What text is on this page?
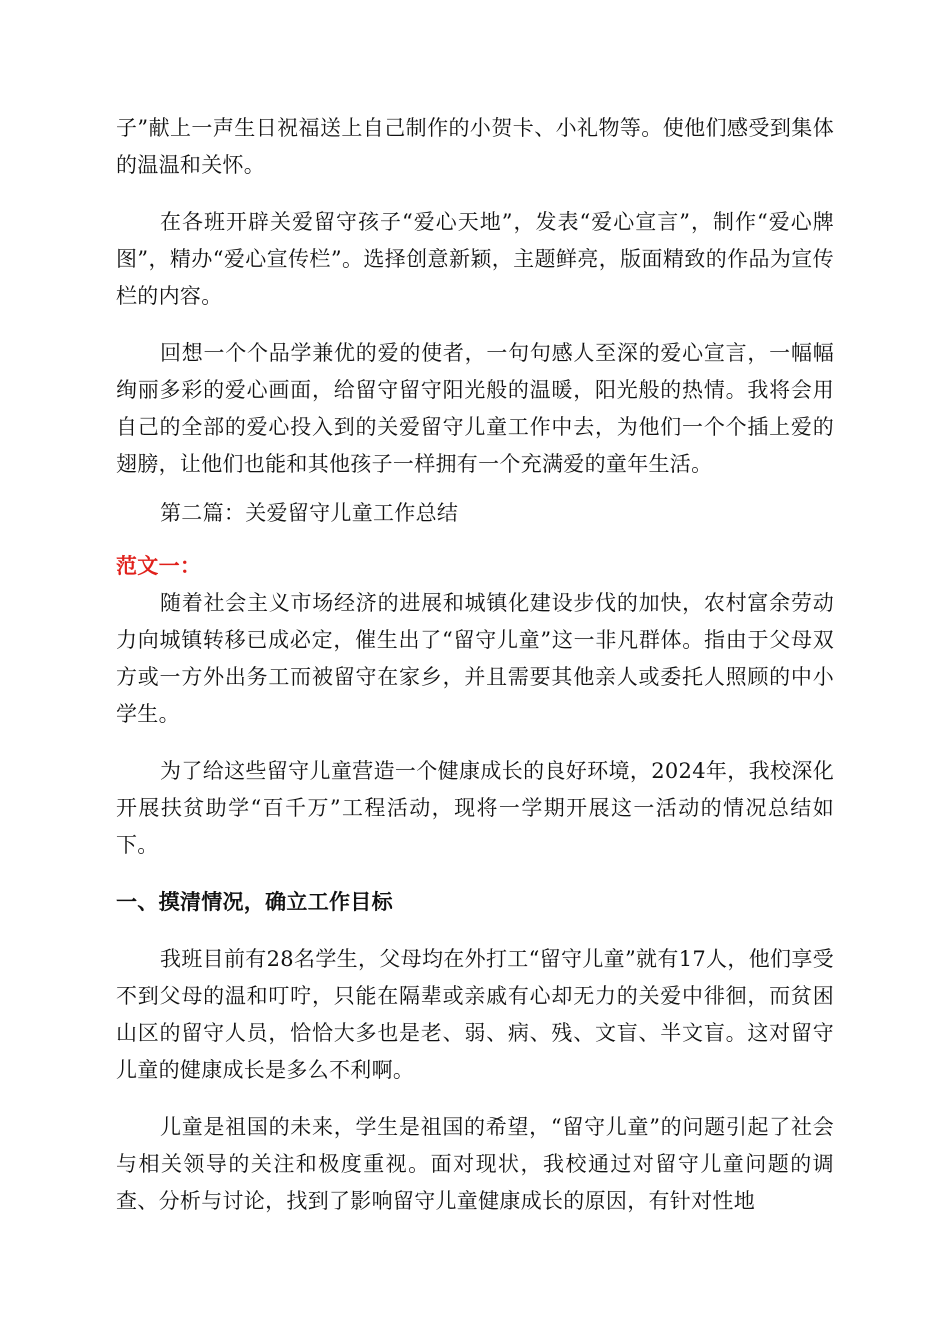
子”献上一声生日祝福送上自己制作的小贺卡、小礼物等。使他们感受到集体的温温和关怀。

在各班开辟关爱留守孩子“爱心天地”，发表“爱心宣言”，制作“爱心牌图”，精办“爱心宣传栏”。选择创意新颖，主题鲜亮，版面精致的作品为宣传栏的内容。

回想一个个品学兼优的爱的使者，一句句感人至深的爱心宣言，一幅幅绚丽多彩的爱心画面，给留守留守阳光般的温暖，阳光般的热情。我将会用自己的全部的爱心投入到的关爱留守儿童工作中去，为他们一个个插上爱的翅膀，让他们也能和其他孩子一样拥有一个充满爱的童年生活。

第二篇：关爱留守儿童工作总结

范文一：

随着社会主义市场经济的进展和城镇化建设步伐的加快，农村富余劳动力向城镇转移已成必定，催生出了“留守儿童”这一非凡群体。指由于父母双方或一方外出务工而被留守在家乡，并且需要其他亲人或委托人照顾的中小学生。

为了给这些留守儿童营造一个健康成长的良好环境，2024年，我校深化开展扶贫助学“百千万”工程活动，现将一学期开展这一活动的情况总结如下。

一、摸清情况，确立工作目标

我班目前有28名学生，父母均在外打工“留守儿童”就有17人，他们享受不到父母的温和叮咛，只能在隔辈或亲戚有心却无力的关爱中徘徊，而贫困山区的留守人员，恰恰大多也是老、弱、病、残、文盲、半文盲。这对留守儿童的健康成长是多么不利啊。

儿童是祖国的未来，学生是祖国的希望，“留守儿童”的问题引起了社会与相关领导的关注和极度重视。面对现状，我校通过对留守儿童问题的调查、分析与讨论，找到了影响留守儿童健康成长的原因，有针对性地
